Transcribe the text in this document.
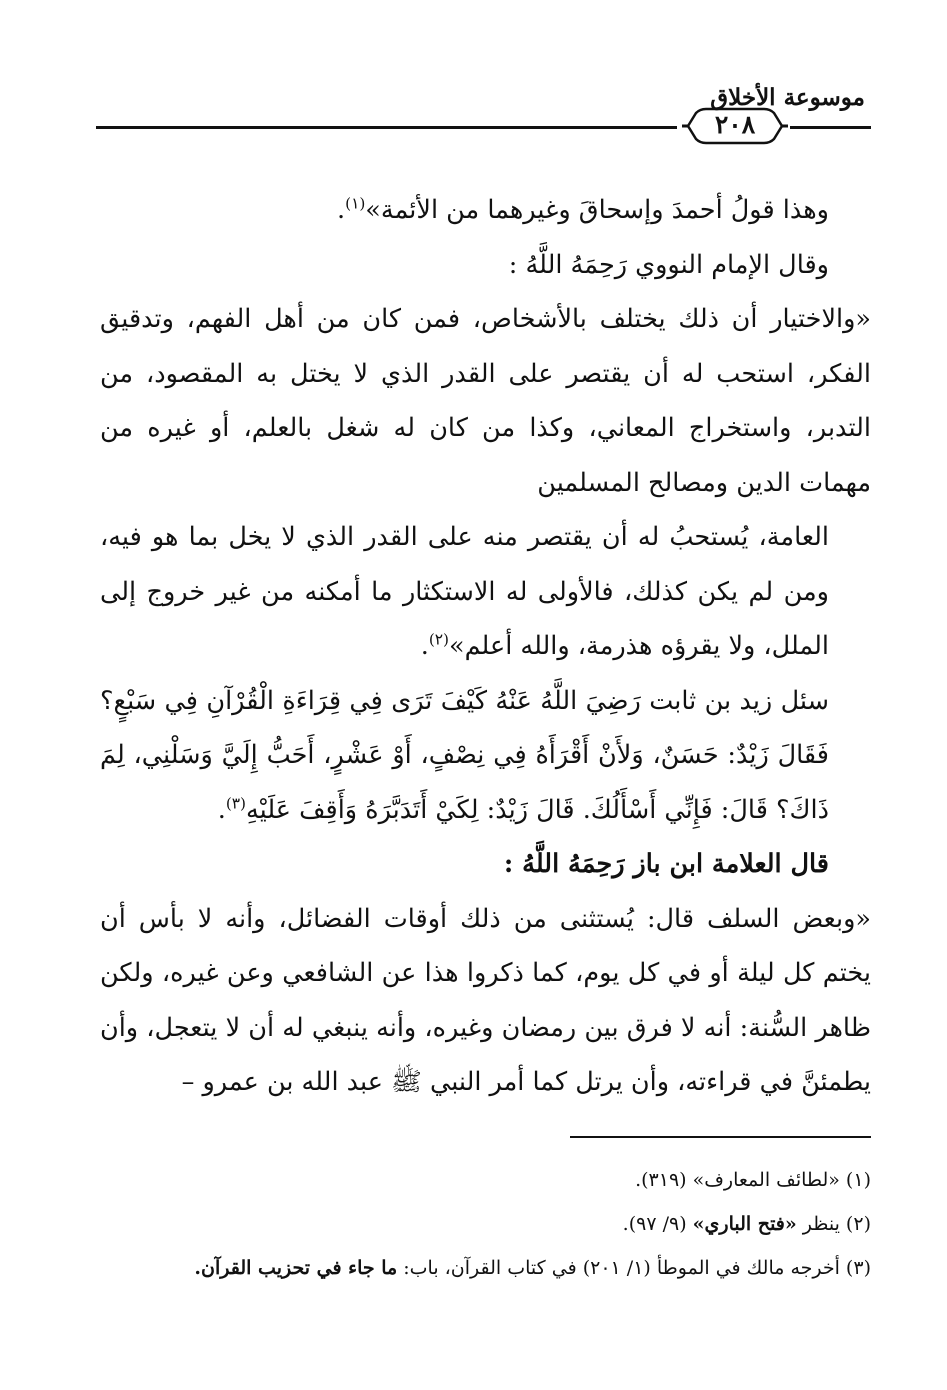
موسوعة الأخلاق
٢٠٨

وهذا قولُ أحمدَ وإسحاقَ وغيرهما من الأئمة»$^{(١)}$.

وقال الإمام النووي رَحِمَهُ اللَّهُ :

«والاختيار أن ذلك يختلف بالأشخاص، فمن كان من أهل الفهم، وتدقيق الفكر، استحب له أن يقتصر على القدر الذي لا يختل به المقصود، من التدبر، واستخراج المعاني، وكذا من كان له شغل بالعلم، أو غيره من مهمات الدين ومصالح المسلمين

العامة، يُستحبُ له أن يقتصر منه على القدر الذي لا يخل بما هو فيه، ومن لم يكن كذلك، فالأولى له الاستكثار ما أمكنه من غير خروج إلى الملل، ولا يقرؤه هذرمة، والله أعلم»$^{(٢)}$.

سئل زيد بن ثابت رَضِيَ اللَّهُ عَنْهُ كَيْفَ تَرَى فِي قِرَاءَةِ الْقُرْآنِ فِي سَبْعٍ؟ فَقَالَ زَيْدٌ: حَسَنٌ، وَلأَنْ أَقْرَأَهُ فِي نِصْفٍ، أَوْ عَشْرٍ، أَحَبُّ إِلَيَّ وَسَلْنِي، لِمَ ذَاكَ؟ قَالَ: فَإِنِّي أَسْأَلُكَ. قَالَ زَيْدٌ: لِكَيْ أَتَدَبَّرَهُ وَأَقِفَ عَلَيْهِ$^{(٣)}$.

قال العلامة ابن باز رَحِمَهُ اللَّهُ :

«وبعض السلف قال: يُستثنى من ذلك أوقات الفضائل، وأنه لا بأس أن يختم كل ليلة أو في كل يوم، كما ذكروا هذا عن الشافعي وعن غيره، ولكن ظاهر السُّنة: أنه لا فرق بين رمضان وغيره، وأنه ينبغي له أن لا يتعجل، وأن يطمئنَّ في قراءته، وأن يرتل كما أمر النبي ﷺ عبد الله بن عمرو –

(١) «لطائف المعارف» (٣١٩).

(٢) ينظر «فتح الباري» (٩/ ٩٧).

(٣) أخرجه مالك في الموطأ (١/ ٢٠١) في كتاب القرآن، باب: ما جاء في تحزيب القرآن.
